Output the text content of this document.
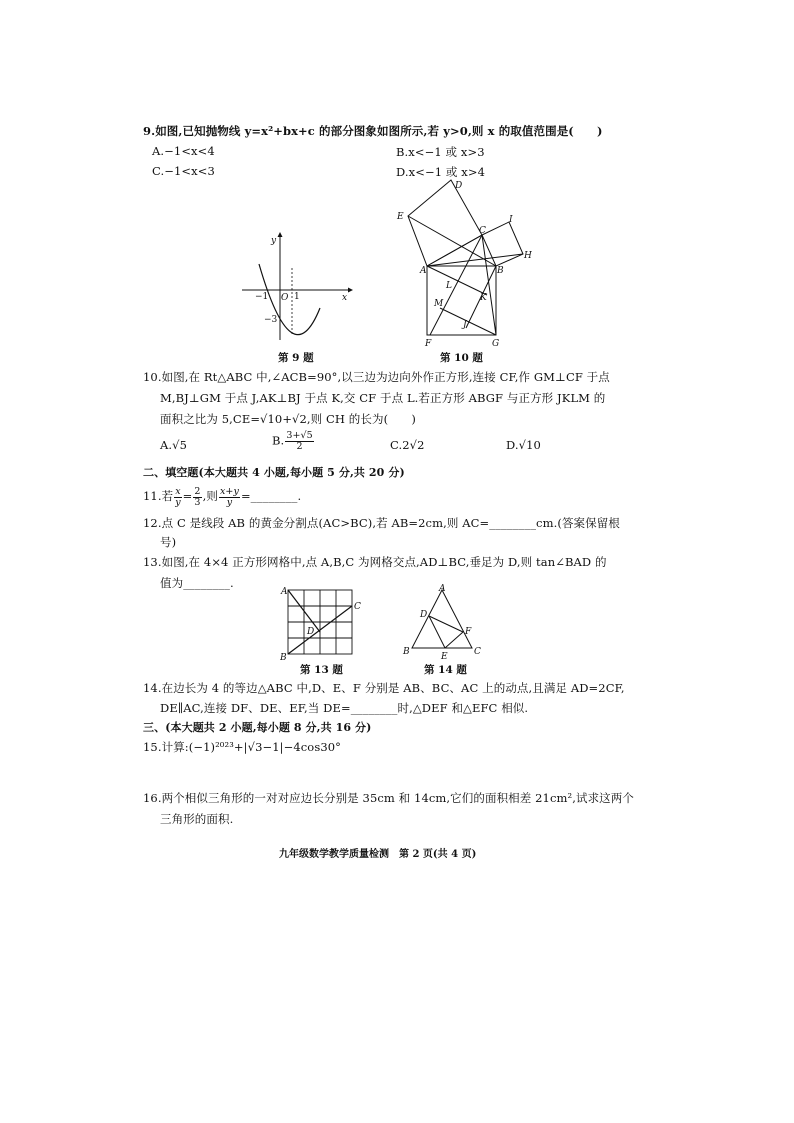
9.如图,已知抛物线 y=x²+bx+c 的部分图象如图所示,若 y>0,则 x 的取值范围是(　　)
A.−1<x<4	B.x<−1 或 x>3
C.−1<x<3	D.x<−1 或 x>4
y
x
O
−1	1
−3
第 9 题
D
E
C
I
H
A	B
L
K
M
J
F	G
第 10 题
10.如图,在 Rt△ABC 中,∠ACB=90°,以三边为边向外作正方形,连接 CF,作 GM⊥CF 于点
M,BJ⊥GM 于点 J,AK⊥BJ 于点 K,交 CF 于点 L.若正方形 ABGF 与正方形 JKLM 的
面积之比为 5,CE=√10+√2,则 CH 的长为(　　)
A.√5	B. $\frac{3+√5}{2}$	C.2√2	D.√10
二、填空题(本大题共 4 小题,每小题 5 分,共 20 分)
11.若 $\frac{x}{y} = \frac{2}{3}$ ,则 $\frac{x+y}{y}$ =________.
12.点 C 是线段 AB 的黄金分割点(AC>BC),若 AB=2cm,则 AC=________cm.(答案保留根
号)
13.如图,在 4×4 正方形网格中,点 A,B,C 为网格交点,AD⊥BC,垂足为 D,则 tan∠BAD 的
值为________.
A
B
C
D
第 13 题
A
B	C
D
E
F
第 14 题
14.在边长为 4 的等边△ABC 中,D、E、F 分别是 AB、BC、AC 上的动点,且满足 AD=2CF,
DE∥AC,连接 DF、DE、EF,当 DE=________时,△DEF 和△EFC 相似.
三、(本大题共 2 小题,每小题 8 分,共 16 分)
15.计算:(−1)²⁰²³+|√3−1|−4cos30°
16.两个相似三角形的一对对应边长分别是 35cm 和 14cm,它们的面积相差 21cm²,试求这两个
三角形的面积.
九年级数学教学质量检测　第 2 页(共 4 页)
